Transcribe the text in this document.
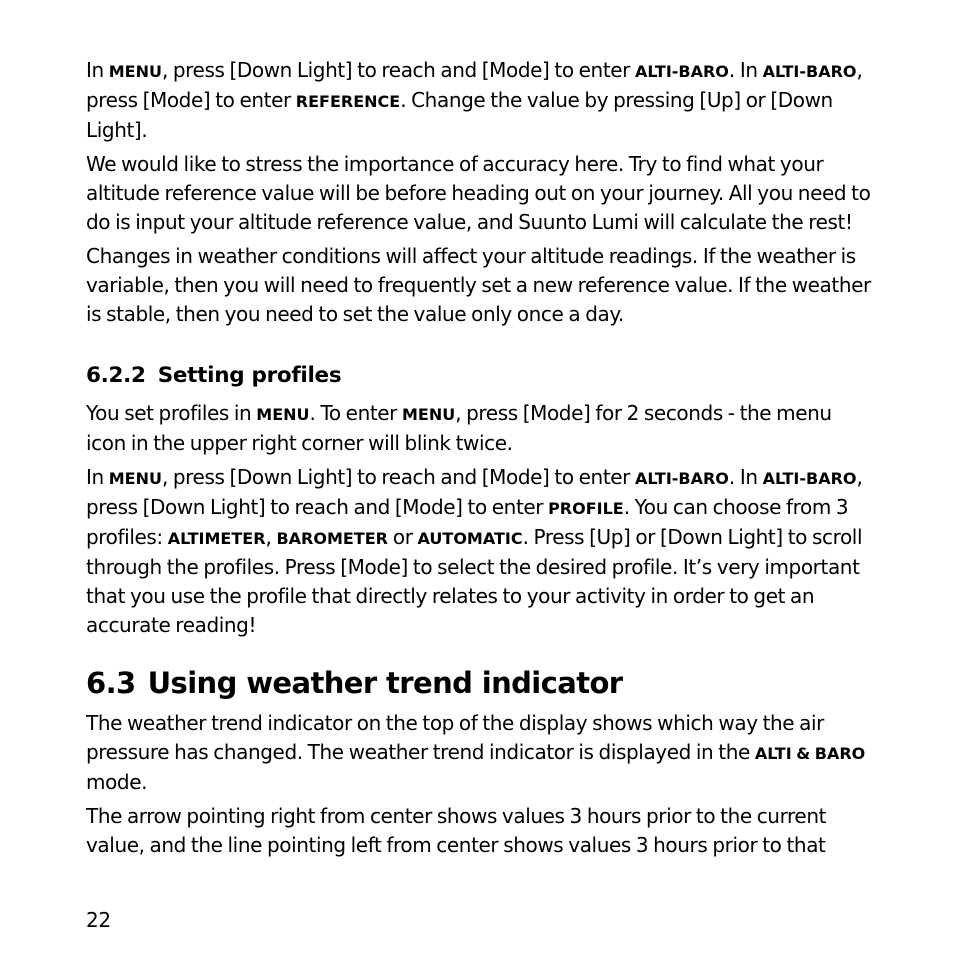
In MENU, press [Down Light] to reach and [Mode] to enter ALTI-BARO. In ALTI-BARO, press [Mode] to enter REFERENCE. Change the value by pressing [Up] or [Down Light].

We would like to stress the importance of accuracy here. Try to find what your altitude reference value will be before heading out on your journey. All you need to do is input your altitude reference value, and Suunto Lumi will calculate the rest!

Changes in weather conditions will affect your altitude readings. If the weather is variable, then you will need to frequently set a new reference value. If the weather is stable, then you need to set the value only once a day.

6.2.2 Setting profiles

You set profiles in MENU. To enter MENU, press [Mode] for 2 seconds - the menu icon in the upper right corner will blink twice.

In MENU, press [Down Light] to reach and [Mode] to enter ALTI-BARO. In ALTI-BARO, press [Down Light] to reach and [Mode] to enter PROFILE. You can choose from 3 profiles: ALTIMETER, BAROMETER or AUTOMATIC. Press [Up] or [Down Light] to scroll through the profiles. Press [Mode] to select the desired profile. It’s very important that you use the profile that directly relates to your activity in order to get an accurate reading!

6.3 Using weather trend indicator

The weather trend indicator on the top of the display shows which way the air pressure has changed. The weather trend indicator is displayed in the ALTI & BARO mode.

The arrow pointing right from center shows values 3 hours prior to the current value, and the line pointing left from center shows values 3 hours prior to that

22
